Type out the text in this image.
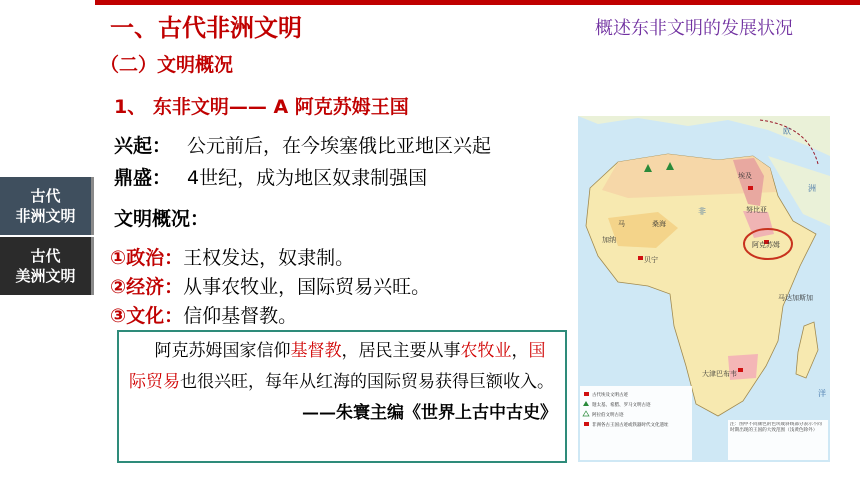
古代
非洲文明
古代
美洲文明
一、古代非洲文明	概述东非文明的发展状况
（二）文明概况
1、 东非文明—— A 阿克苏姆王国
兴起： 公元前后，在今埃塞俄比亚地区兴起
鼎盛： 4世纪，成为地区奴隶制强国
文明概况：
①政治：王权发达，奴隶制。
②经济：从事农牧业，国际贸易兴旺。
③文化：信仰基督教。
  阿克苏姆国家信仰基督教，居民主要从事农牧业，国际贸易也很兴旺，每年从红海的国际贸易获得巨额收入。
——朱寰主编《世界上古中古史》
欧
洲
埃及
努比亚
非
阿克苏姆
马
加纳
桑海
贝宁
马达加斯加
大津巴布韦
洋
古代埃及文明古迹
迦太基、希腊、罗马文明古迹
阿拉伯文明古迹
非洲各古王国古迹或铁器时代文化遗址	注：图中不同颜色的色块或斜线部分表示不同时期出现的王国的大致范围（浅黄色除外）
